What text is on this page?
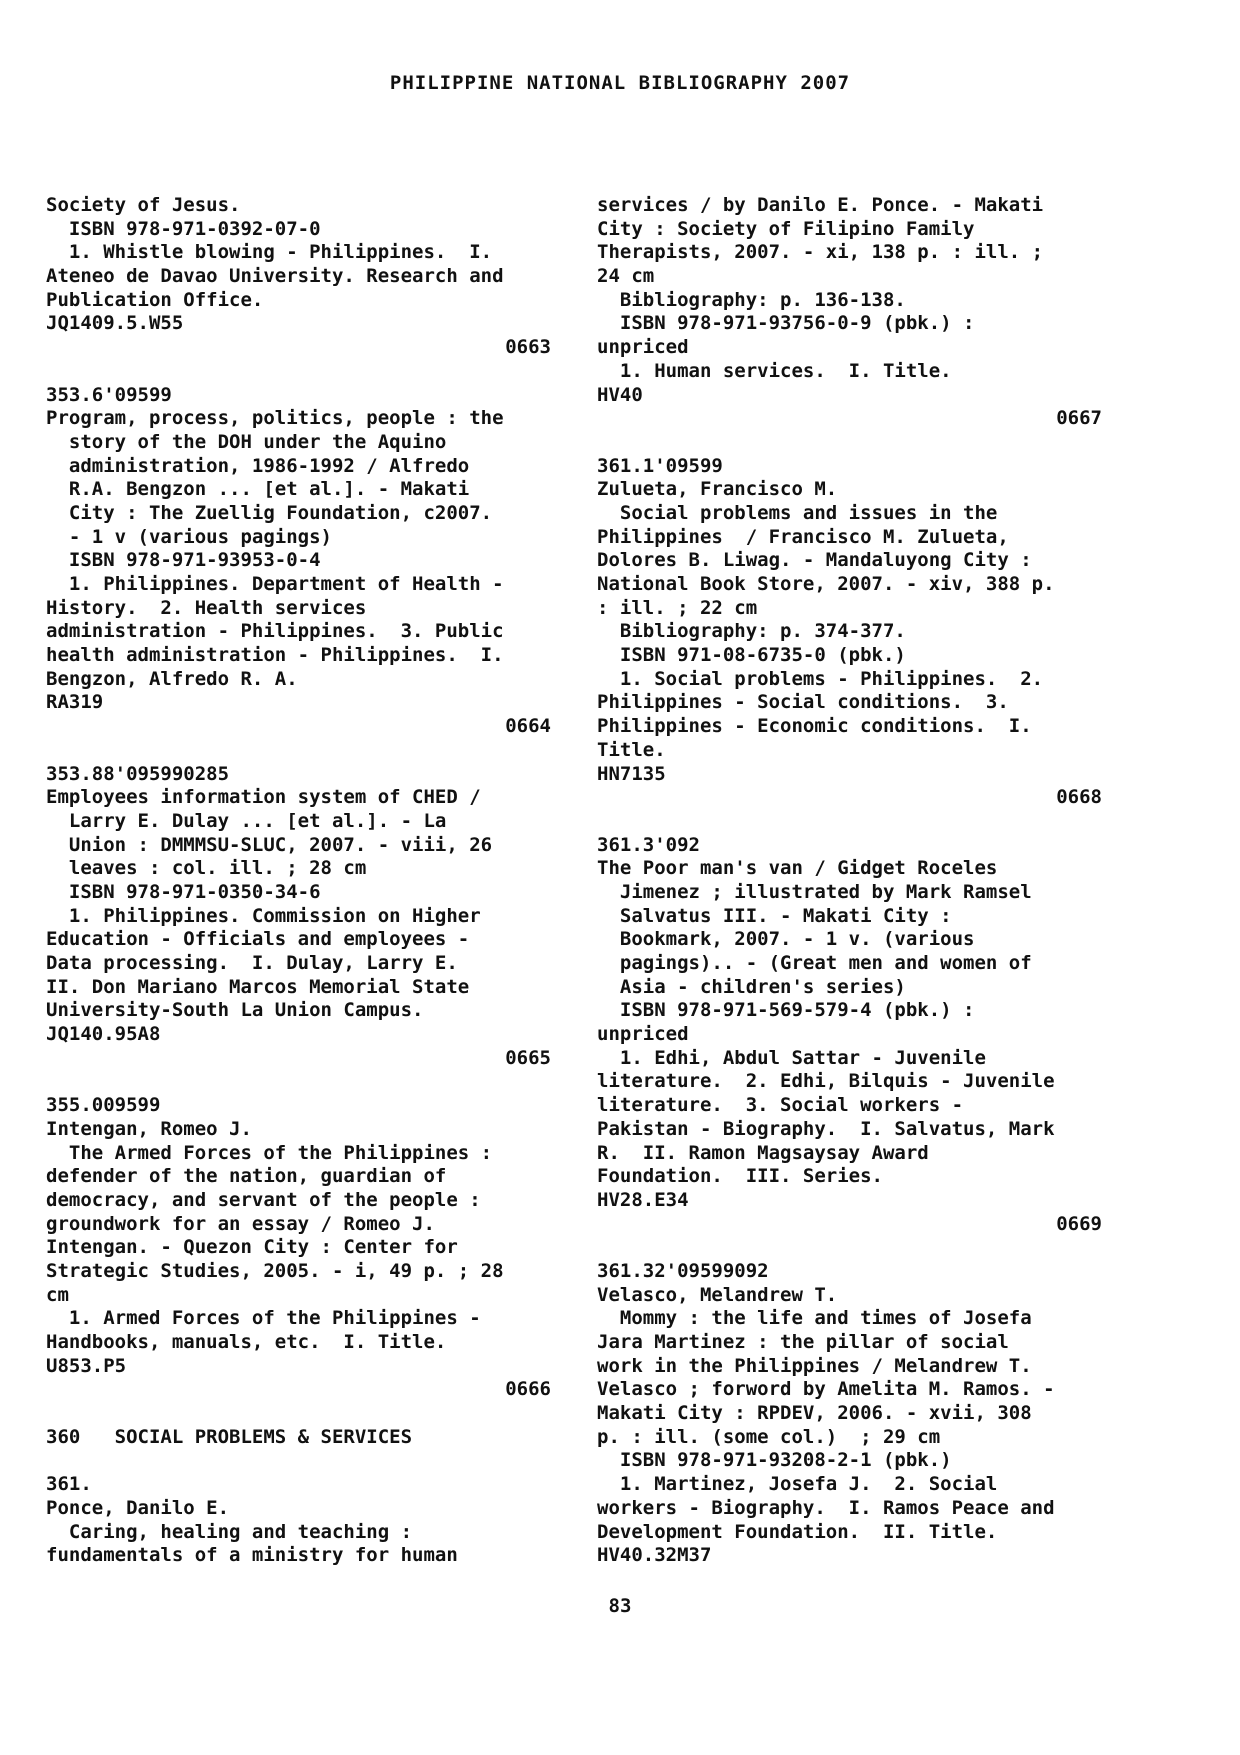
PHILIPPINE NATIONAL BIBLIOGRAPHY 2007
Society of Jesus.
ISBN 978-971-0392-07-0
1. Whistle blowing - Philippines.  I.
Ateneo de Davao University. Research and
Publication Office.
JQ1409.5.W55
0663
353.6'09599
Program, process, politics, people : the
story of the DOH under the Aquino
administration, 1986-1992 / Alfredo
R.A. Bengzon ... [et al.]. - Makati
City : The Zuellig Foundation, c2007.
- 1 v (various pagings)
ISBN 978-971-93953-0-4
1. Philippines. Department of Health -
History.  2. Health services
administration - Philippines.  3. Public
health administration - Philippines.  I.
Bengzon, Alfredo R. A.
RA319
0664
353.88'095990285
Employees information system of CHED /
Larry E. Dulay ... [et al.]. - La
Union : DMMMSU-SLUC, 2007. - viii, 26
leaves : col. ill. ; 28 cm
ISBN 978-971-0350-34-6
1. Philippines. Commission on Higher
Education - Officials and employees -
Data processing.  I. Dulay, Larry E.
II. Don Mariano Marcos Memorial State
University-South La Union Campus.
JQ140.95A8
0665
355.009599
Intengan, Romeo J.
The Armed Forces of the Philippines :
defender of the nation, guardian of
democracy, and servant of the people :
groundwork for an essay / Romeo J.
Intengan. - Quezon City : Center for
Strategic Studies, 2005. - i, 49 p. ; 28
cm
1. Armed Forces of the Philippines -
Handbooks, manuals, etc.  I. Title.
U853.P5
0666
360   SOCIAL PROBLEMS & SERVICES
361.
Ponce, Danilo E.
Caring, healing and teaching :
fundamentals of a ministry for human
services / by Danilo E. Ponce. - Makati
City : Society of Filipino Family
Therapists, 2007. - xi, 138 p. : ill. ;
24 cm
Bibliography: p. 136-138.
ISBN 978-971-93756-0-9 (pbk.) :
unpriced
1. Human services.  I. Title.
HV40
0667
361.1'09599
Zulueta, Francisco M.
Social problems and issues in the
Philippines  / Francisco M. Zulueta,
Dolores B. Liwag. - Mandaluyong City :
National Book Store, 2007. - xiv, 388 p.
: ill. ; 22 cm
Bibliography: p. 374-377.
ISBN 971-08-6735-0 (pbk.)
1. Social problems - Philippines.  2.
Philippines - Social conditions.  3.
Philippines - Economic conditions.  I.
Title.
HN7135
0668
361.3'092
The Poor man's van / Gidget Roceles
Jimenez ; illustrated by Mark Ramsel
Salvatus III. - Makati City :
Bookmark, 2007. - 1 v. (various
pagings).. - (Great men and women of
Asia - children's series)
ISBN 978-971-569-579-4 (pbk.) :
unpriced
1. Edhi, Abdul Sattar - Juvenile
literature.  2. Edhi, Bilquis - Juvenile
literature.  3. Social workers -
Pakistan - Biography.  I. Salvatus, Mark
R.  II. Ramon Magsaysay Award
Foundation.  III. Series.
HV28.E34
0669
361.32'09599092
Velasco, Melandrew T.
Mommy : the life and times of Josefa
Jara Martinez : the pillar of social
work in the Philippines / Melandrew T.
Velasco ; forword by Amelita M. Ramos. -
Makati City : RPDEV, 2006. - xvii, 308
p. : ill. (some col.)  ; 29 cm
ISBN 978-971-93208-2-1 (pbk.)
1. Martinez, Josefa J.  2. Social
workers - Biography.  I. Ramos Peace and
Development Foundation.  II. Title.
HV40.32M37
83
